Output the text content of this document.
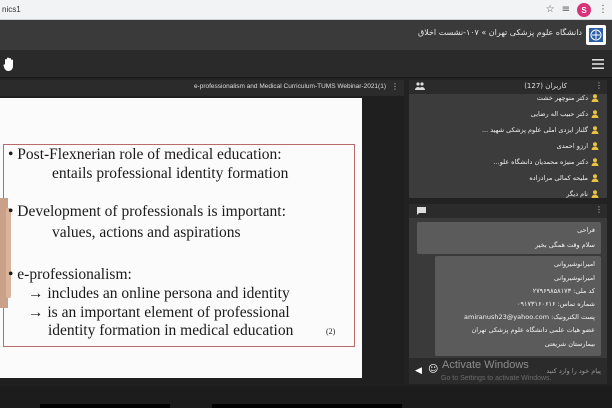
nics1	☆ ≡	S	⋮
دانشگاه علوم پزشکی تهران » ۱۰۷-نشست اخلاق
e-professionalism and Medical Curriculum-TUMS Webinar-2021(1) ⋮
• Post-Flexnerian role of medical education:
entails professional identity formation
• Development of professionals is important:
values, actions and aspirations
• e-professionalism:
→ includes an online persona and identity
→ is an important element of professional
identity formation in medical education	(2)
کاربران (127)	⋮
دکتر منوچهر خشت
دکتر حبیب اله رضایی
گلناز ایزدی املی علوم پزشکی شهید ...
ارزو احمدی
دکتر منیژه محمدیان دانشگاه علو...
ملیحه کمالی مرادزاده
نام دیگر
⋮
فراحی
سلام وقت همگی بخیر
امیرانوشیروانی
امیرانوشیروانی
کد ملی: ۲۷۹۶۹۸۵۸۱۷۳
شماره تماس: ۰۹۱۷۳۱۶۰۶۱۶
پست الکترونیک: amiranush23@yahoo.com
عضو هیات علمی دانشگاه علوم پزشکی تهران
بیمارستان شریعتی
◀ ☺	پیام خود را وارد کنید
Activate Windows
Go to Settings to activate Windows.
